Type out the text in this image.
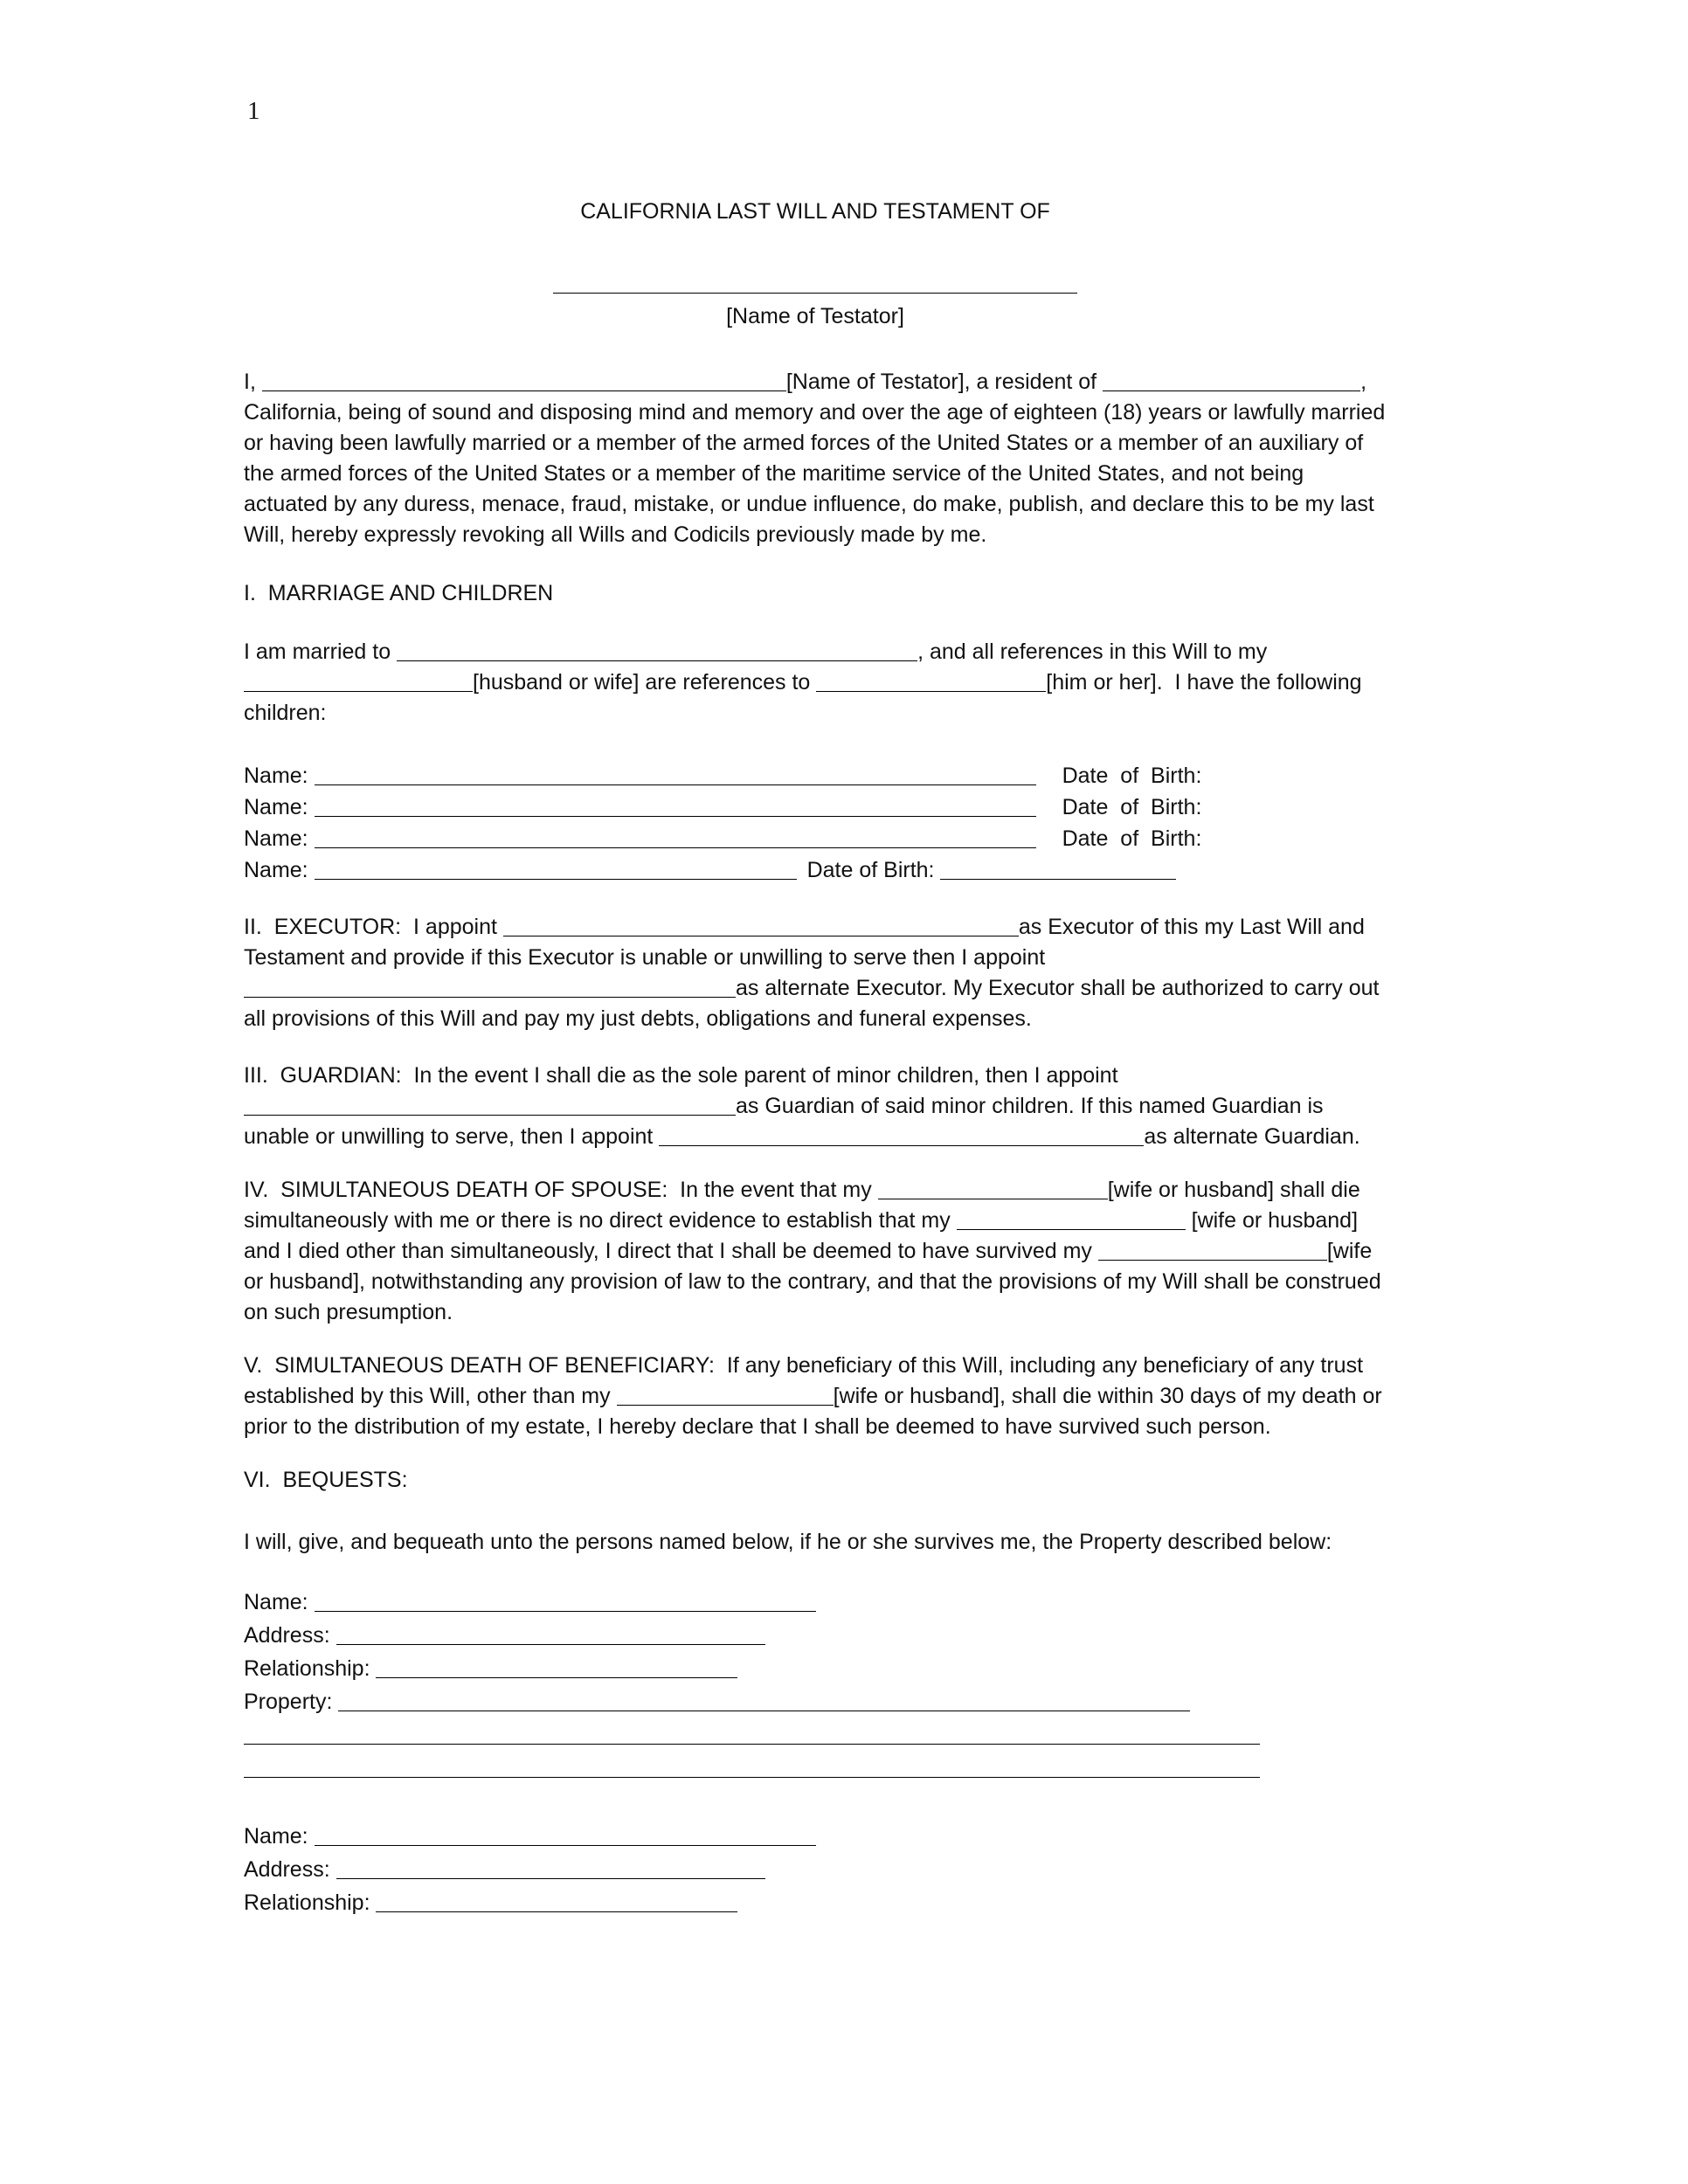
1
CALIFORNIA LAST WILL AND TESTAMENT OF
[Name of Testator]
I,	[Name of Testator], a resident of	, California, being of sound and disposing mind and memory and over the age of eighteen (18) years or lawfully married or having been lawfully married or a member of the armed forces of the United States or a member of an auxiliary of the armed forces of the United States or a member of the maritime service of the United States, and not being actuated by any duress, menace, fraud, mistake, or undue influence, do make, publish, and declare this to be my last Will, hereby expressly revoking all Wills and Codicils previously made by me.
I.  MARRIAGE AND CHILDREN
I am married to	, and all references in this Will to my [husband or wife] are references to	[him or her].  I have the following children:
Name:	Date  of  Birth:
Name:	Date  of  Birth:
Name:	Date  of  Birth:
Name:	Date of Birth:
II.  EXECUTOR:  I appoint	as Executor of this my Last Will and Testament and provide if this Executor is unable or unwilling to serve then I appoint as alternate Executor. My Executor shall be authorized to carry out all provisions of this Will and pay my just debts, obligations and funeral expenses.
III.  GUARDIAN:  In the event I shall die as the sole parent of minor children, then I appoint as Guardian of said minor children. If this named Guardian is unable or unwilling to serve, then I appoint	as alternate Guardian.
IV.  SIMULTANEOUS DEATH OF SPOUSE:  In the event that my	[wife or husband] shall die simultaneously with me or there is no direct evidence to establish that my	[wife or husband] and I died other than simultaneously, I direct that I shall be deemed to have survived my	[wife or husband], notwithstanding any provision of law to the contrary, and that the provisions of my Will shall be construed on such presumption.
V.  SIMULTANEOUS DEATH OF BENEFICIARY:  If any beneficiary of this Will, including any beneficiary of any trust established by this Will, other than my	[wife or husband], shall die within 30 days of my death or prior to the distribution of my estate, I hereby declare that I shall be deemed to have survived such person.
VI.  BEQUESTS:
I will, give, and bequeath unto the persons named below, if he or she survives me, the Property described below:
Name:
Address:
Relationship:
Property:
Name:
Address:
Relationship:
